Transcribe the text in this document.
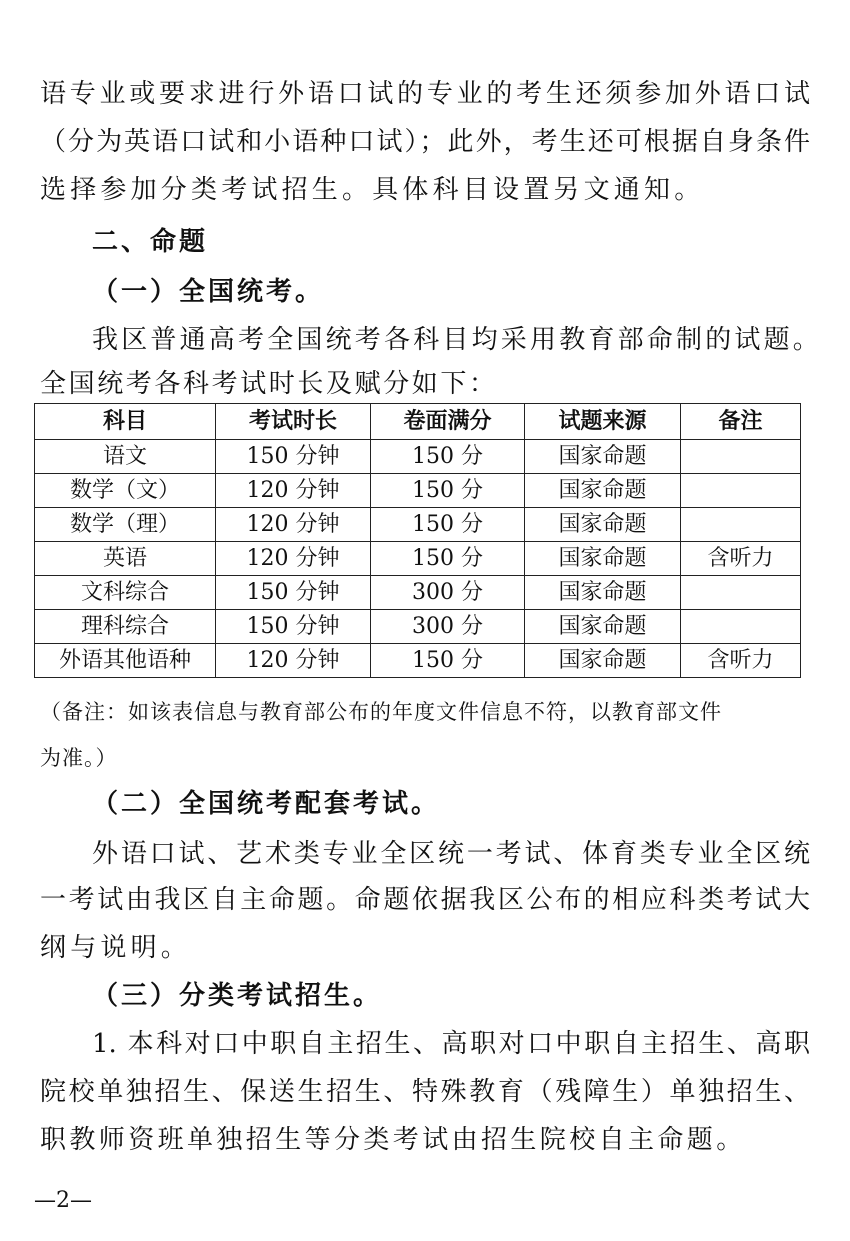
语专业或要求进行外语口试的专业的考生还须参加外语口试
（分为英语口试和小语种口试）；此外，考生还可根据自身条件
选择参加分类考试招生。具体科目设置另文通知。
二、命题
（一）全国统考。
我区普通高考全国统考各科目均采用教育部命制的试题。
全国统考各科考试时长及赋分如下：
科目	考试时长	卷面满分	试题来源	备注
语文	150 分钟	150 分	国家命题	
数学（文）	120 分钟	150 分	国家命题	
数学（理）	120 分钟	150 分	国家命题	
英语	120 分钟	150 分	国家命题	含听力
文科综合	150 分钟	300 分	国家命题	
理科综合	150 分钟	300 分	国家命题	
外语其他语种	120 分钟	150 分	国家命题	含听力
（备注：如该表信息与教育部公布的年度文件信息不符，以教育部文件
为准。）
（二）全国统考配套考试。
外语口试、艺术类专业全区统一考试、体育类专业全区统
一考试由我区自主命题。命题依据我区公布的相应科类考试大
纲与说明。
（三）分类考试招生。
1. 本科对口中职自主招生、高职对口中职自主招生、高职
院校单独招生、保送生招生、特殊教育（残障生）单独招生、
职教师资班单独招生等分类考试由招生院校自主命题。
—2—
